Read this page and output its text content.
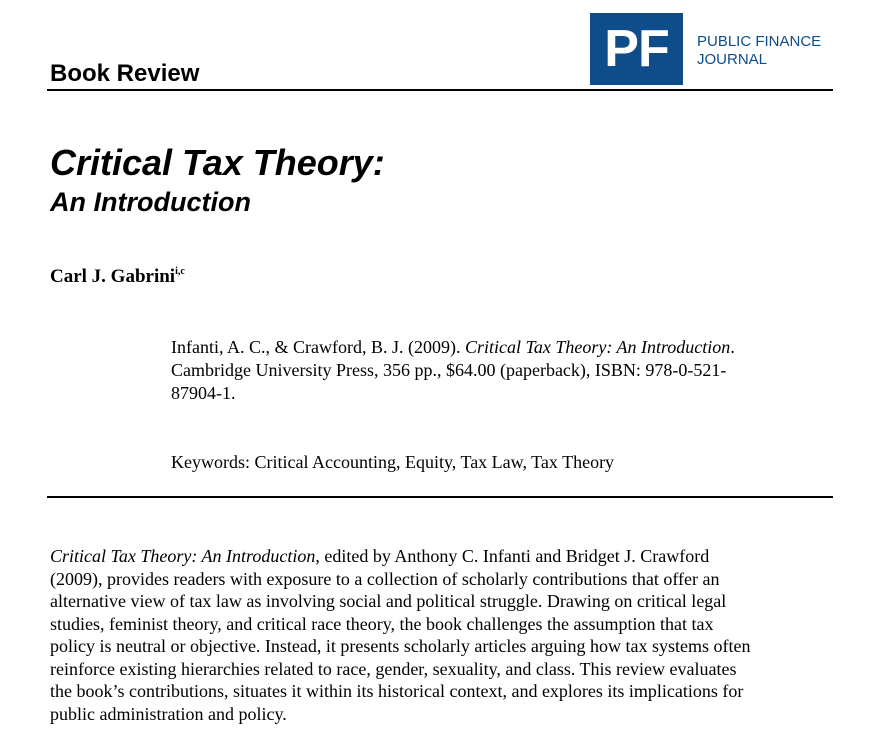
PF	PUBLIC FINANCE
JOURNAL
Book Review
Critical Tax Theory:
An Introduction
Carl J. Gabrini$^{i,c}$
Infanti, A. C., & Crawford, B. J. (2009). Critical Tax Theory: An Introduction.
Cambridge University Press, 356 pp., $64.00 (paperback), ISBN: 978-0-521-
87904-1.
Keywords: Critical Accounting, Equity, Tax Law, Tax Theory
Critical Tax Theory: An Introduction, edited by Anthony C. Infanti and Bridget J. Crawford
(2009), provides readers with exposure to a collection of scholarly contributions that offer an
alternative view of tax law as involving social and political struggle. Drawing on critical legal
studies, feminist theory, and critical race theory, the book challenges the assumption that tax
policy is neutral or objective. Instead, it presents scholarly articles arguing how tax systems often
reinforce existing hierarchies related to race, gender, sexuality, and class. This review evaluates
the book’s contributions, situates it within its historical context, and explores its implications for
public administration and policy.
